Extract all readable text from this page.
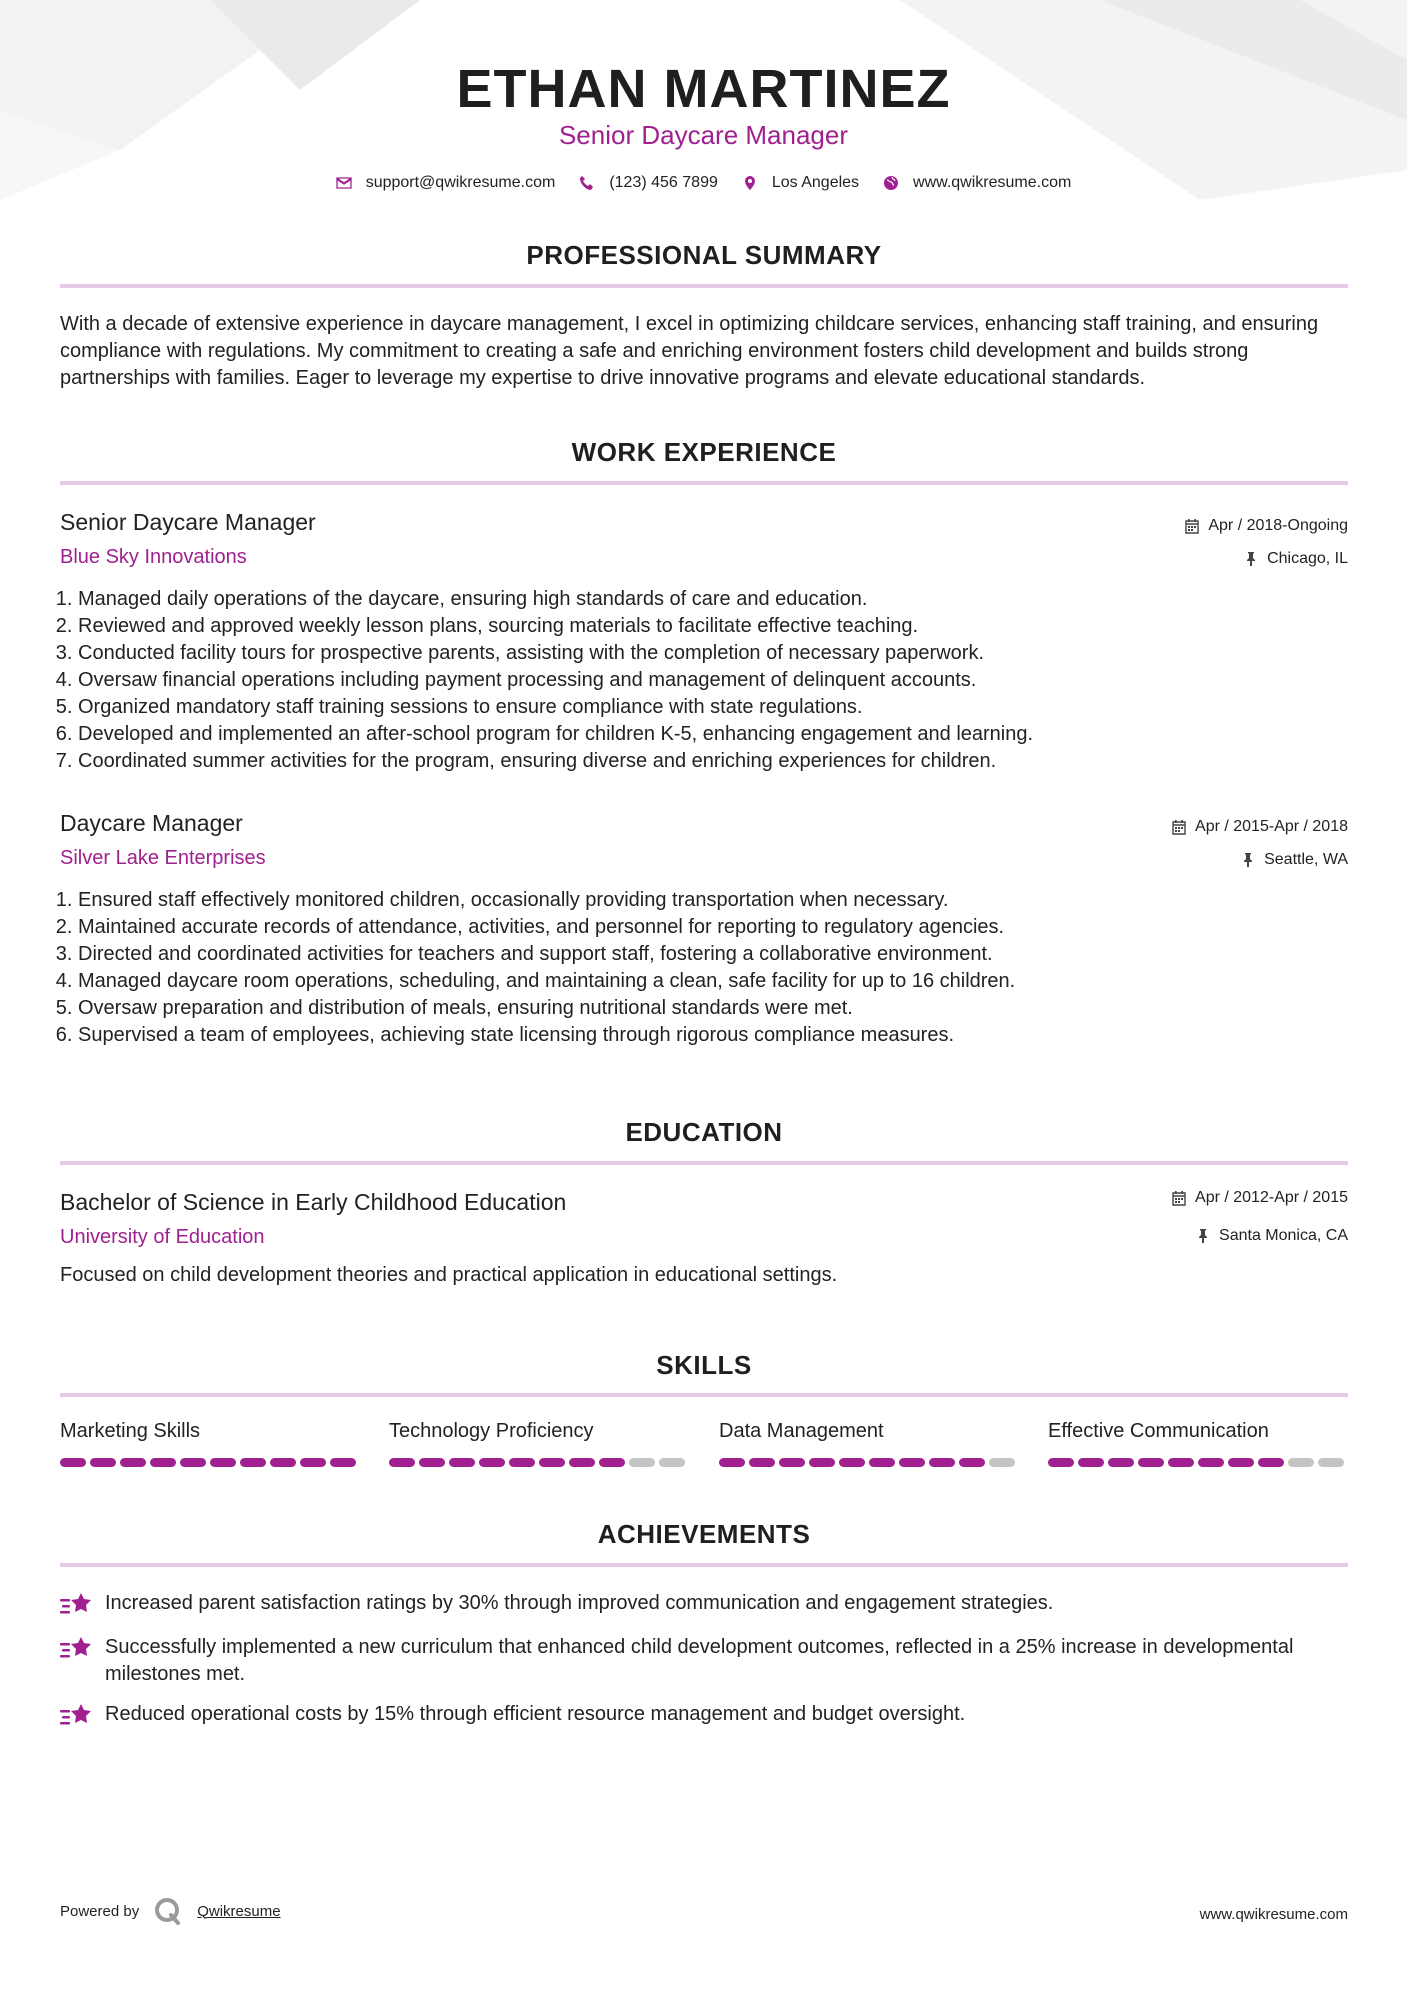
ETHAN MARTINEZ
Senior Daycare Manager
support@qwikresume.com	(123) 456 7899	Los Angeles	www.qwikresume.com
PROFESSIONAL SUMMARY
With a decade of extensive experience in daycare management, I excel in optimizing childcare services, enhancing staff training, and ensuring compliance with regulations. My commitment to creating a safe and enriching environment fosters child development and builds strong partnerships with families. Eager to leverage my expertise to drive innovative programs and elevate educational standards.
WORK EXPERIENCE
Senior Daycare Manager
Blue Sky Innovations
Apr / 2018-Ongoing
Chicago, IL
1. Managed daily operations of the daycare, ensuring high standards of care and education.
2. Reviewed and approved weekly lesson plans, sourcing materials to facilitate effective teaching.
3. Conducted facility tours for prospective parents, assisting with the completion of necessary paperwork.
4. Oversaw financial operations including payment processing and management of delinquent accounts.
5. Organized mandatory staff training sessions to ensure compliance with state regulations.
6. Developed and implemented an after-school program for children K-5, enhancing engagement and learning.
7. Coordinated summer activities for the program, ensuring diverse and enriching experiences for children.
Daycare Manager
Silver Lake Enterprises
Apr / 2015-Apr / 2018
Seattle, WA
1. Ensured staff effectively monitored children, occasionally providing transportation when necessary.
2. Maintained accurate records of attendance, activities, and personnel for reporting to regulatory agencies.
3. Directed and coordinated activities for teachers and support staff, fostering a collaborative environment.
4. Managed daycare room operations, scheduling, and maintaining a clean, safe facility for up to 16 children.
5. Oversaw preparation and distribution of meals, ensuring nutritional standards were met.
6. Supervised a team of employees, achieving state licensing through rigorous compliance measures.
EDUCATION
Bachelor of Science in Early Childhood Education
University of Education
Apr / 2012-Apr / 2015
Santa Monica, CA
Focused on child development theories and practical application in educational settings.
SKILLS
Marketing Skills	Technology Proficiency	Data Management	Effective Communication
ACHIEVEMENTS
Increased parent satisfaction ratings by 30% through improved communication and engagement strategies.
Successfully implemented a new curriculum that enhanced child development outcomes, reflected in a 25% increase in developmental milestones met.
Reduced operational costs by 15% through efficient resource management and budget oversight.
Powered by	Qwikresume	www.qwikresume.com
